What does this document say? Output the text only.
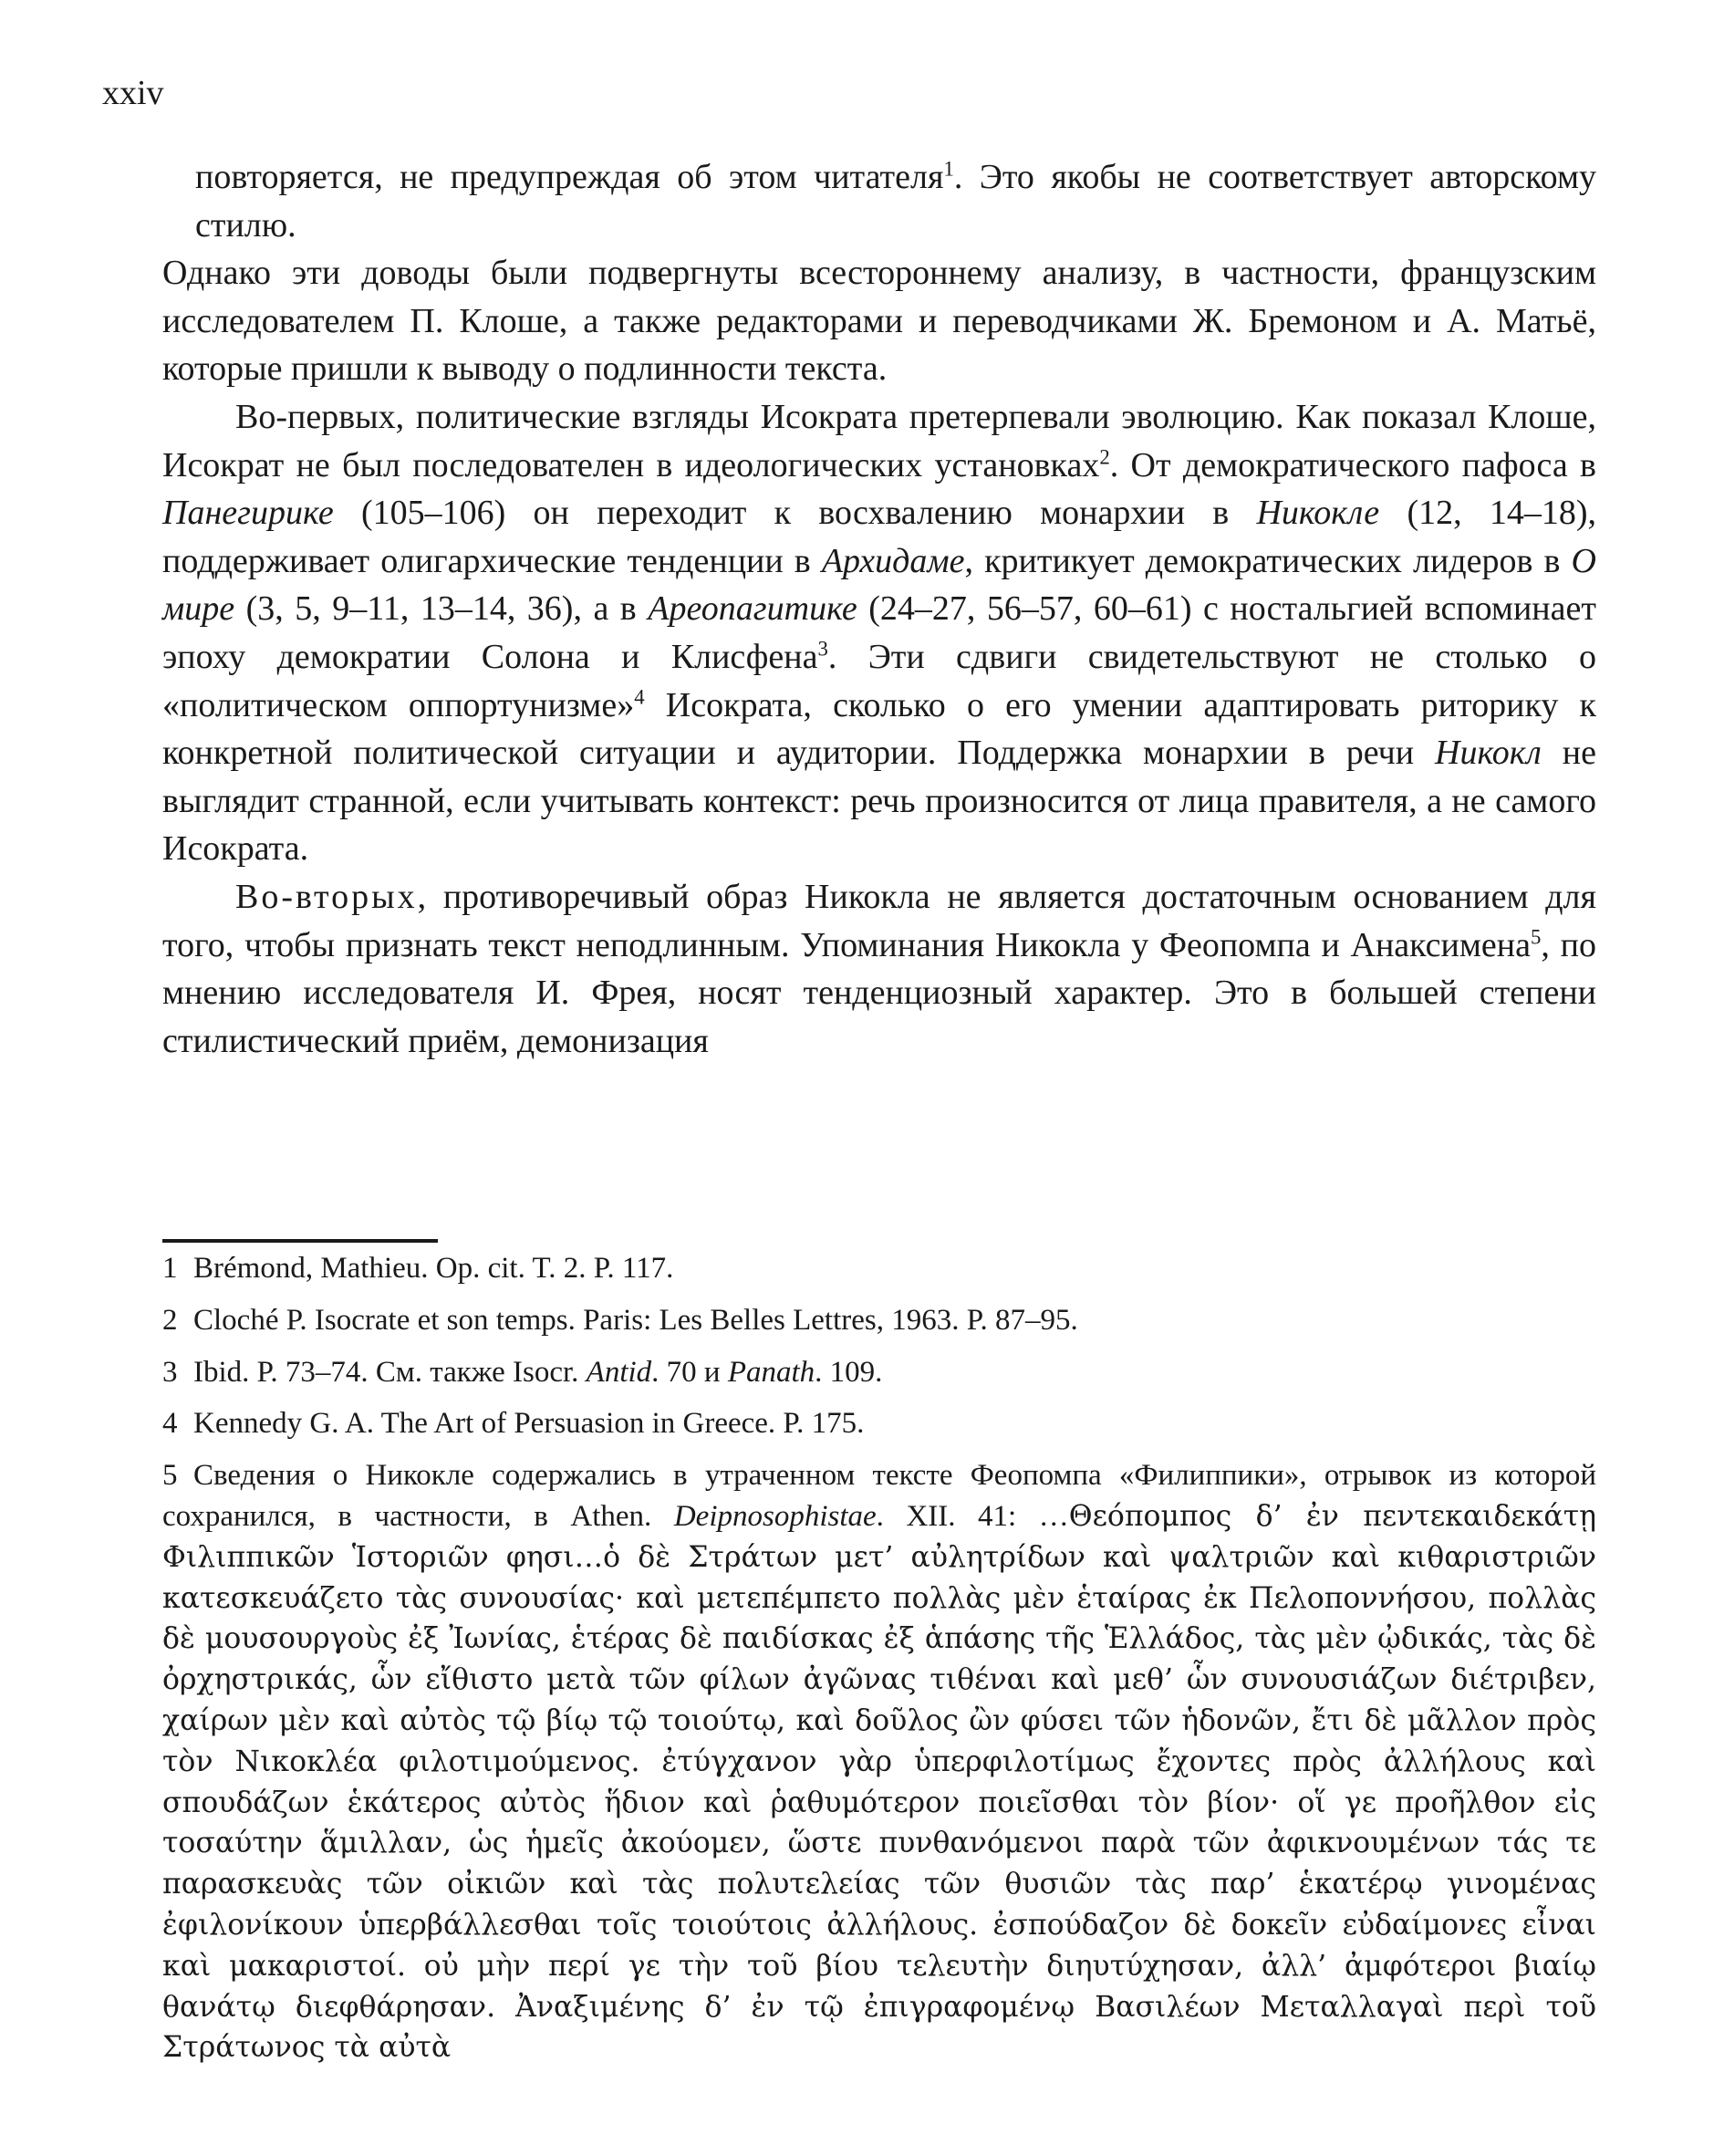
xxiv

повторяется, не предупреждая об этом читателя$^1$. Это якобы не соответствует авторскому стилю.

Однако эти доводы были подвергнуты всестороннему анализу, в частности, французским исследователем П. Клоше, а также редакторами и переводчиками Ж. Бремоном и А. Матьё, которые пришли к выводу о подлинности текста.

Во-первых, политические взгляды Исократа претерпевали эволюцию. Как показал Клоше, Исократ не был последователен в идеологических установках$^2$. От демократического пафоса в Панегирике (105–106) он переходит к восхвалению монархии в Никокле (12, 14–18), поддерживает олигархические тенденции в Архидаме, критикует демократических лидеров в О мире (3, 5, 9–11, 13–14, 36), а в Ареопагитике (24–27, 56–57, 60–61) с ностальгией вспоминает эпоху демократии Солона и Клисфена$^3$. Эти сдвиги свидетельствуют не столько о «политическом оппортунизме»$^4$ Исократа, сколько о его умении адаптировать риторику к конкретной политической ситуации и аудитории. Поддержка монархии в речи Никокл не выглядит странной, если учитывать контекст: речь произносится от лица правителя, а не самого Исократа.

Во-вторых, противоречивый образ Никокла не является достаточным основанием для того, чтобы признать текст неподлинным. Упоминания Никокла у Феопомпа и Анаксимена$^5$, по мнению исследователя И. Фрея, носят тенденциозный характер. Это в большей степени стилистический приём, демонизация

1 Brémond, Mathieu. Op. cit. T. 2. P. 117.

2 Cloché P. Isocrate et son temps. Paris: Les Belles Lettres, 1963. P. 87–95.

3 Ibid. P. 73–74. См. также Isocr. Antid. 70 и Panath. 109.

4 Kennedy G. A. The Art of Persuasion in Greece. P. 175.

5 Сведения о Никокле содержались в утраченном тексте Феопомпа «Филиппики», отрывок из которой сохранился, в частности, в Athen. Deipnosophistae. XII. 41: …Θεόπομπος δ’ ἐν πεντεκαιδεκάτῃ Φιλιππικῶν Ἱστοριῶν φησι…ὁ δὲ Στράτων μετ’ αὐλητρίδων καὶ ψαλτριῶν καὶ κιθαριστριῶν κατεσκευάζετο τὰς συνουσίας· καὶ μετεπέμπετο πολλὰς μὲν ἑταίρας ἐκ Πελοποννήσου, πολλὰς δὲ μουσουργοὺς ἐξ Ἰωνίας, ἑτέρας δὲ παιδίσκας ἐξ ἁπάσης τῆς Ἑλλάδος, τὰς μὲν ᾠδικάς, τὰς δὲ ὀρχηστρικάς, ὧν εἴθιστο μετὰ τῶν φίλων ἀγῶνας τιθέναι καὶ μεθ’ ὧν συνουσιάζων διέτριβεν, χαίρων μὲν καὶ αὐτὸς τῷ βίῳ τῷ τοιούτῳ, καὶ δοῦλος ὢν φύσει τῶν ἡδονῶν, ἔτι δὲ μᾶλλον πρὸς τὸν Νικοκλέα φιλοτιμούμενος. ἐτύγχανον γὰρ ὑπερφιλοτίμως ἔχοντες πρὸς ἀλλήλους καὶ σπουδάζων ἑκάτερος αὐτὸς ἥδιον καὶ ῥαθυμότερον ποιεῖσθαι τὸν βίον· οἵ γε προῆλθον εἰς τοσαύτην ἅμιλλαν, ὡς ἡμεῖς ἀκούομεν, ὥστε πυνθανόμενοι παρὰ τῶν ἀφικνουμένων τάς τε παρασκευὰς τῶν οἰκιῶν καὶ τὰς πολυτελείας τῶν θυσιῶν τὰς παρ’ ἑκατέρῳ γινομένας ἐφιλονίκουν ὑπερβάλλεσθαι τοῖς τοιούτοις ἀλλήλους. ἐσπούδαζον δὲ δοκεῖν εὐδαίμονες εἶναι καὶ μακαριστοί. οὐ μὴν περί γε τὴν τοῦ βίου τελευτὴν διηυτύχησαν, ἀλλ’ ἀμφότεροι βιαίῳ θανάτῳ διεφθάρησαν. Ἀναξιμένης δ’ ἐν τῷ ἐπιγραφομένῳ Βασιλέων Μεταλλαγαὶ περὶ τοῦ Στράτωνος τὰ αὐτὰ
